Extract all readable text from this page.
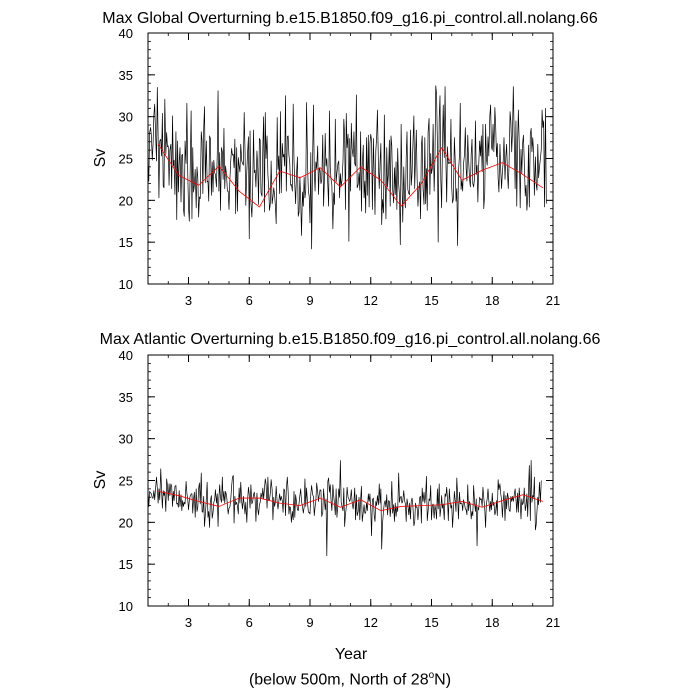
Max Global Overturning b.e15.B1850.f09_g16.pi_control.all.nolang.66
Sv
3	6	9	12	15	18	21
10
15
20
25
30
35
40
Max Atlantic Overturning b.e15.B1850.f09_g16.pi_control.all.nolang.66
Sv
Year
3	6	9	12	15	18	21
10
15
20
25
30
35
40
(below 500m, North of 28$^o$N)
